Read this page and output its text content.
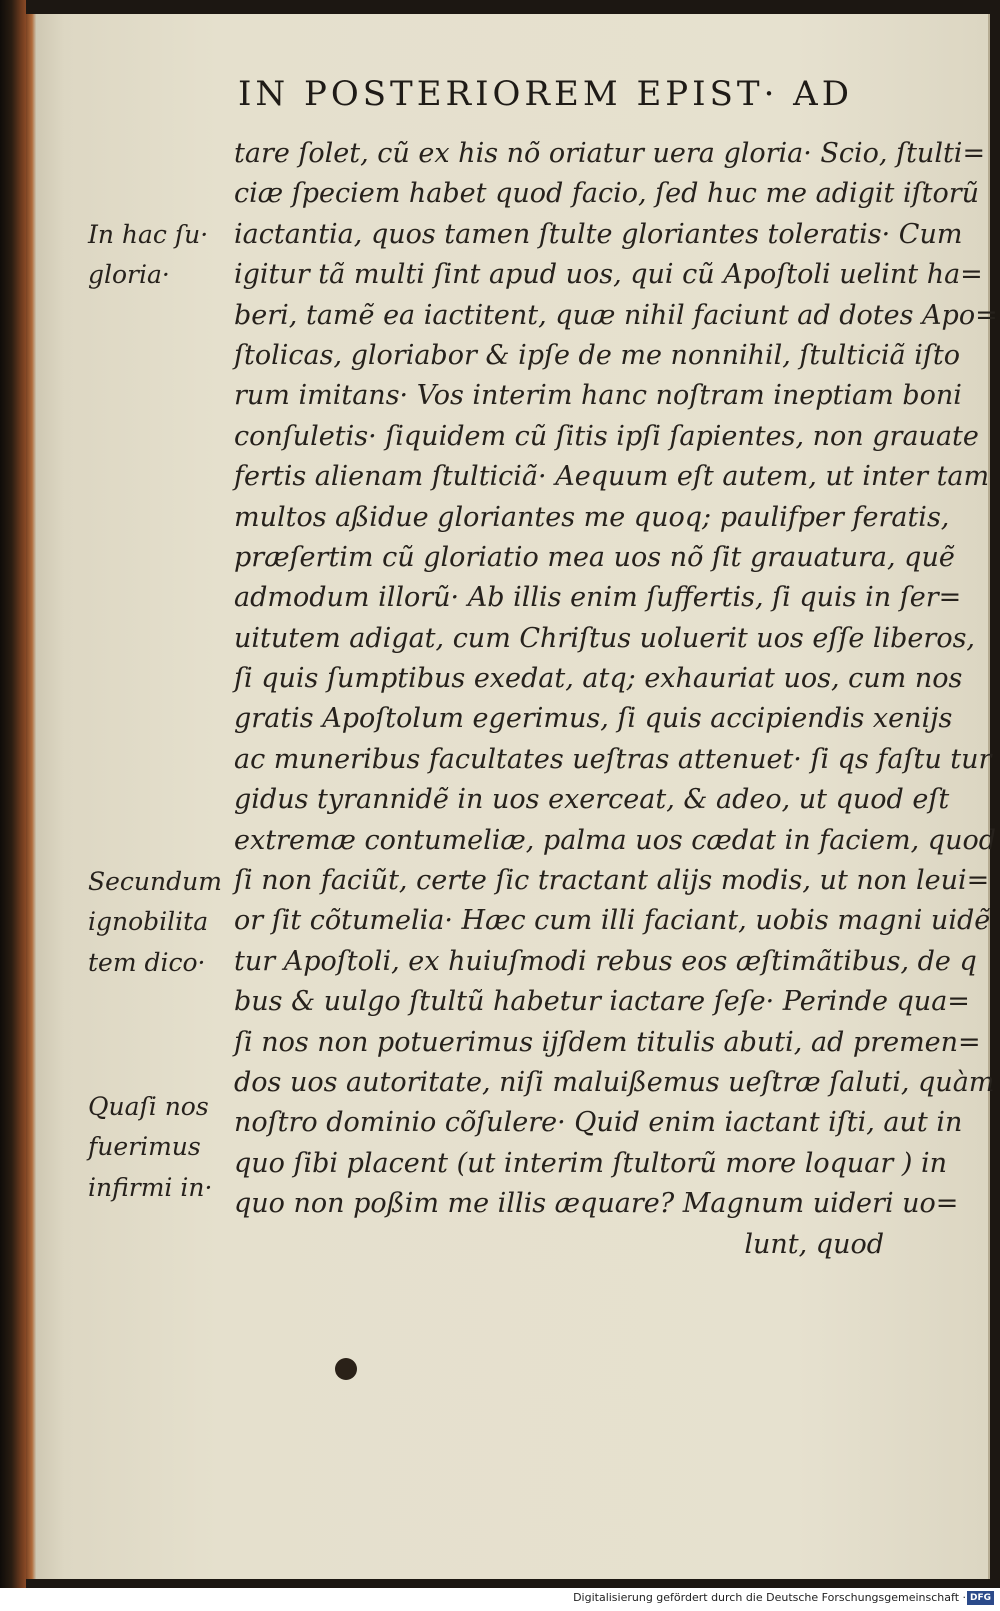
IN POSTERIOREM EPIST· AD
tare ſolet, cũ ex his nõ oriatur uera gloria· Scio, ſtulti=
ciæ ſpeciem habet quod facio, ſed huc me adigit iſtorũ
iactantia, quos tamen ſtulte gloriantes toleratis· Cum
igitur tã multi ſint apud uos, qui cũ Apoſtoli uelint ha=
beri, tamẽ ea iactitent, quæ nihil faciunt ad dotes Apo=
ſtolicas, gloriabor & ipſe de me nonnihil, ſtulticiã iſto
rum imitans· Vos interim hanc noſtram ineptiam boni
conſuletis· ſiquidem cũ ſitis ipſi ſapientes, non grauate
fertis alienam ſtulticiã· Aequum eſt autem, ut inter tam
multos aßidue gloriantes me quoq; paulifper feratis,
præſertim cũ gloriatio mea uos nõ ſit grauatura, quẽ
admodum illorũ· Ab illis enim ſuffertis, ſi quis in ſer=
uitutem adigat, cum Chriſtus uoluerit uos eſſe liberos,
ſi quis ſumptibus exedat, atq; exhauriat uos, cum nos
gratis Apoſtolum egerimus, ſi quis accipiendis xenijs
ac muneribus facultates ueſtras attenuet· ſi qs faſtu tur
gidus tyrannidẽ in uos exerceat, & adeo, ut quod eſt
extremæ contumeliæ, palma uos cædat in faciem, quod
ſi non faciũt, certe ſic tractant alijs modis, ut non leui=
or ſit cõtumelia· Hæc cum illi faciant, uobis magni uidẽ
tur Apoſtoli, ex huiuſmodi rebus eos æſtimãtibus, de q
bus & uulgo ſtultũ habetur iactare ſeſe· Perinde qua=
ſi nos non potuerimus ijſdem titulis abuti, ad premen=
dos uos autoritate, niſi maluißemus ueſtræ ſaluti, quàm
noſtro dominio cõſulere· Quid enim iactant iſti, aut in
quo ſibi placent (ut interim ſtultorũ more loquar ) in
quo non poßim me illis æquare? Magnum uideri uo=
lunt, quod
In hac ſu·
gloria·
Secundum
ignobilita
tem dico·
Quaſi nos
fuerimus
infirmi in·
Digitalisierung gefördert durch die Deutsche Forschungsgemeinschaft · DFG
